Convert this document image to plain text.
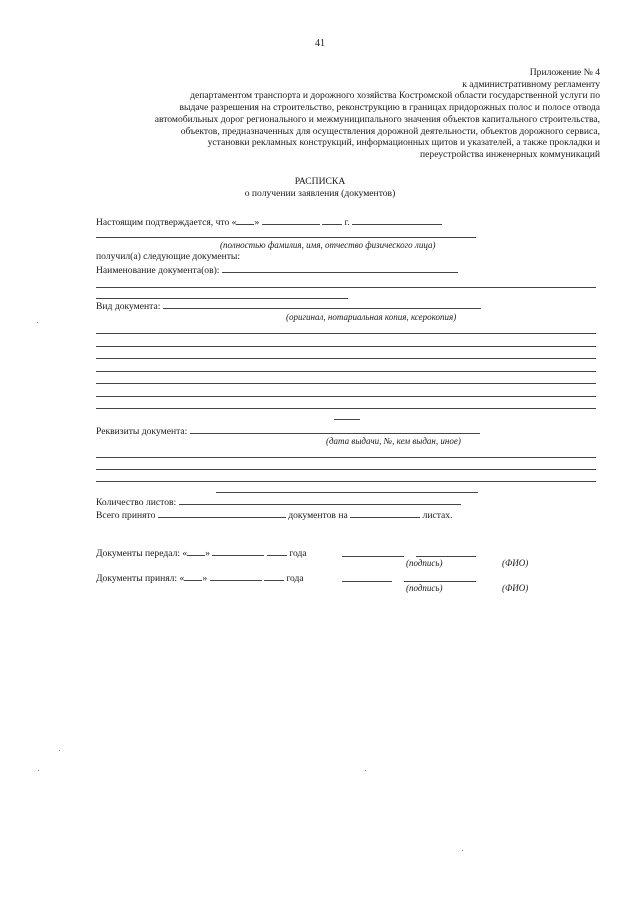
41
Приложение № 4
к административному регламенту
департаментом транспорта и дорожного хозяйства Костромской области государственной услуги по
выдаче разрешения на строительство, реконструкцию в границах придорожных полос и полосе отвода
автомобильных дорог регионального и межмуниципального значения объектов капитального строительства,
объектов, предназначенных для осуществления дорожной деятельности, объектов дорожного сервиса,
установки рекламных конструкций, информационных щитов и указателей, а также прокладки и
переустройства инженерных коммуникаций
РАСПИСКА
о получении заявления (документов)
Настоящим подтверждается, что « »	г.
(полностью фамилия, имя, отчество физического лица)
получил(а) следующие документы:
Наименование документа(ов):
Вид документа:
(оригинал, нотариальная копия, ксерокопия)
Реквизиты документа:
(дата выдачи, №, кем выдан, иное)
Количество листов:
Всего принято	документов на	листах.
Документы передал: « »	года
(подпись)	(ФИО)
Документы принял: « »	года
(подпись)	(ФИО)
